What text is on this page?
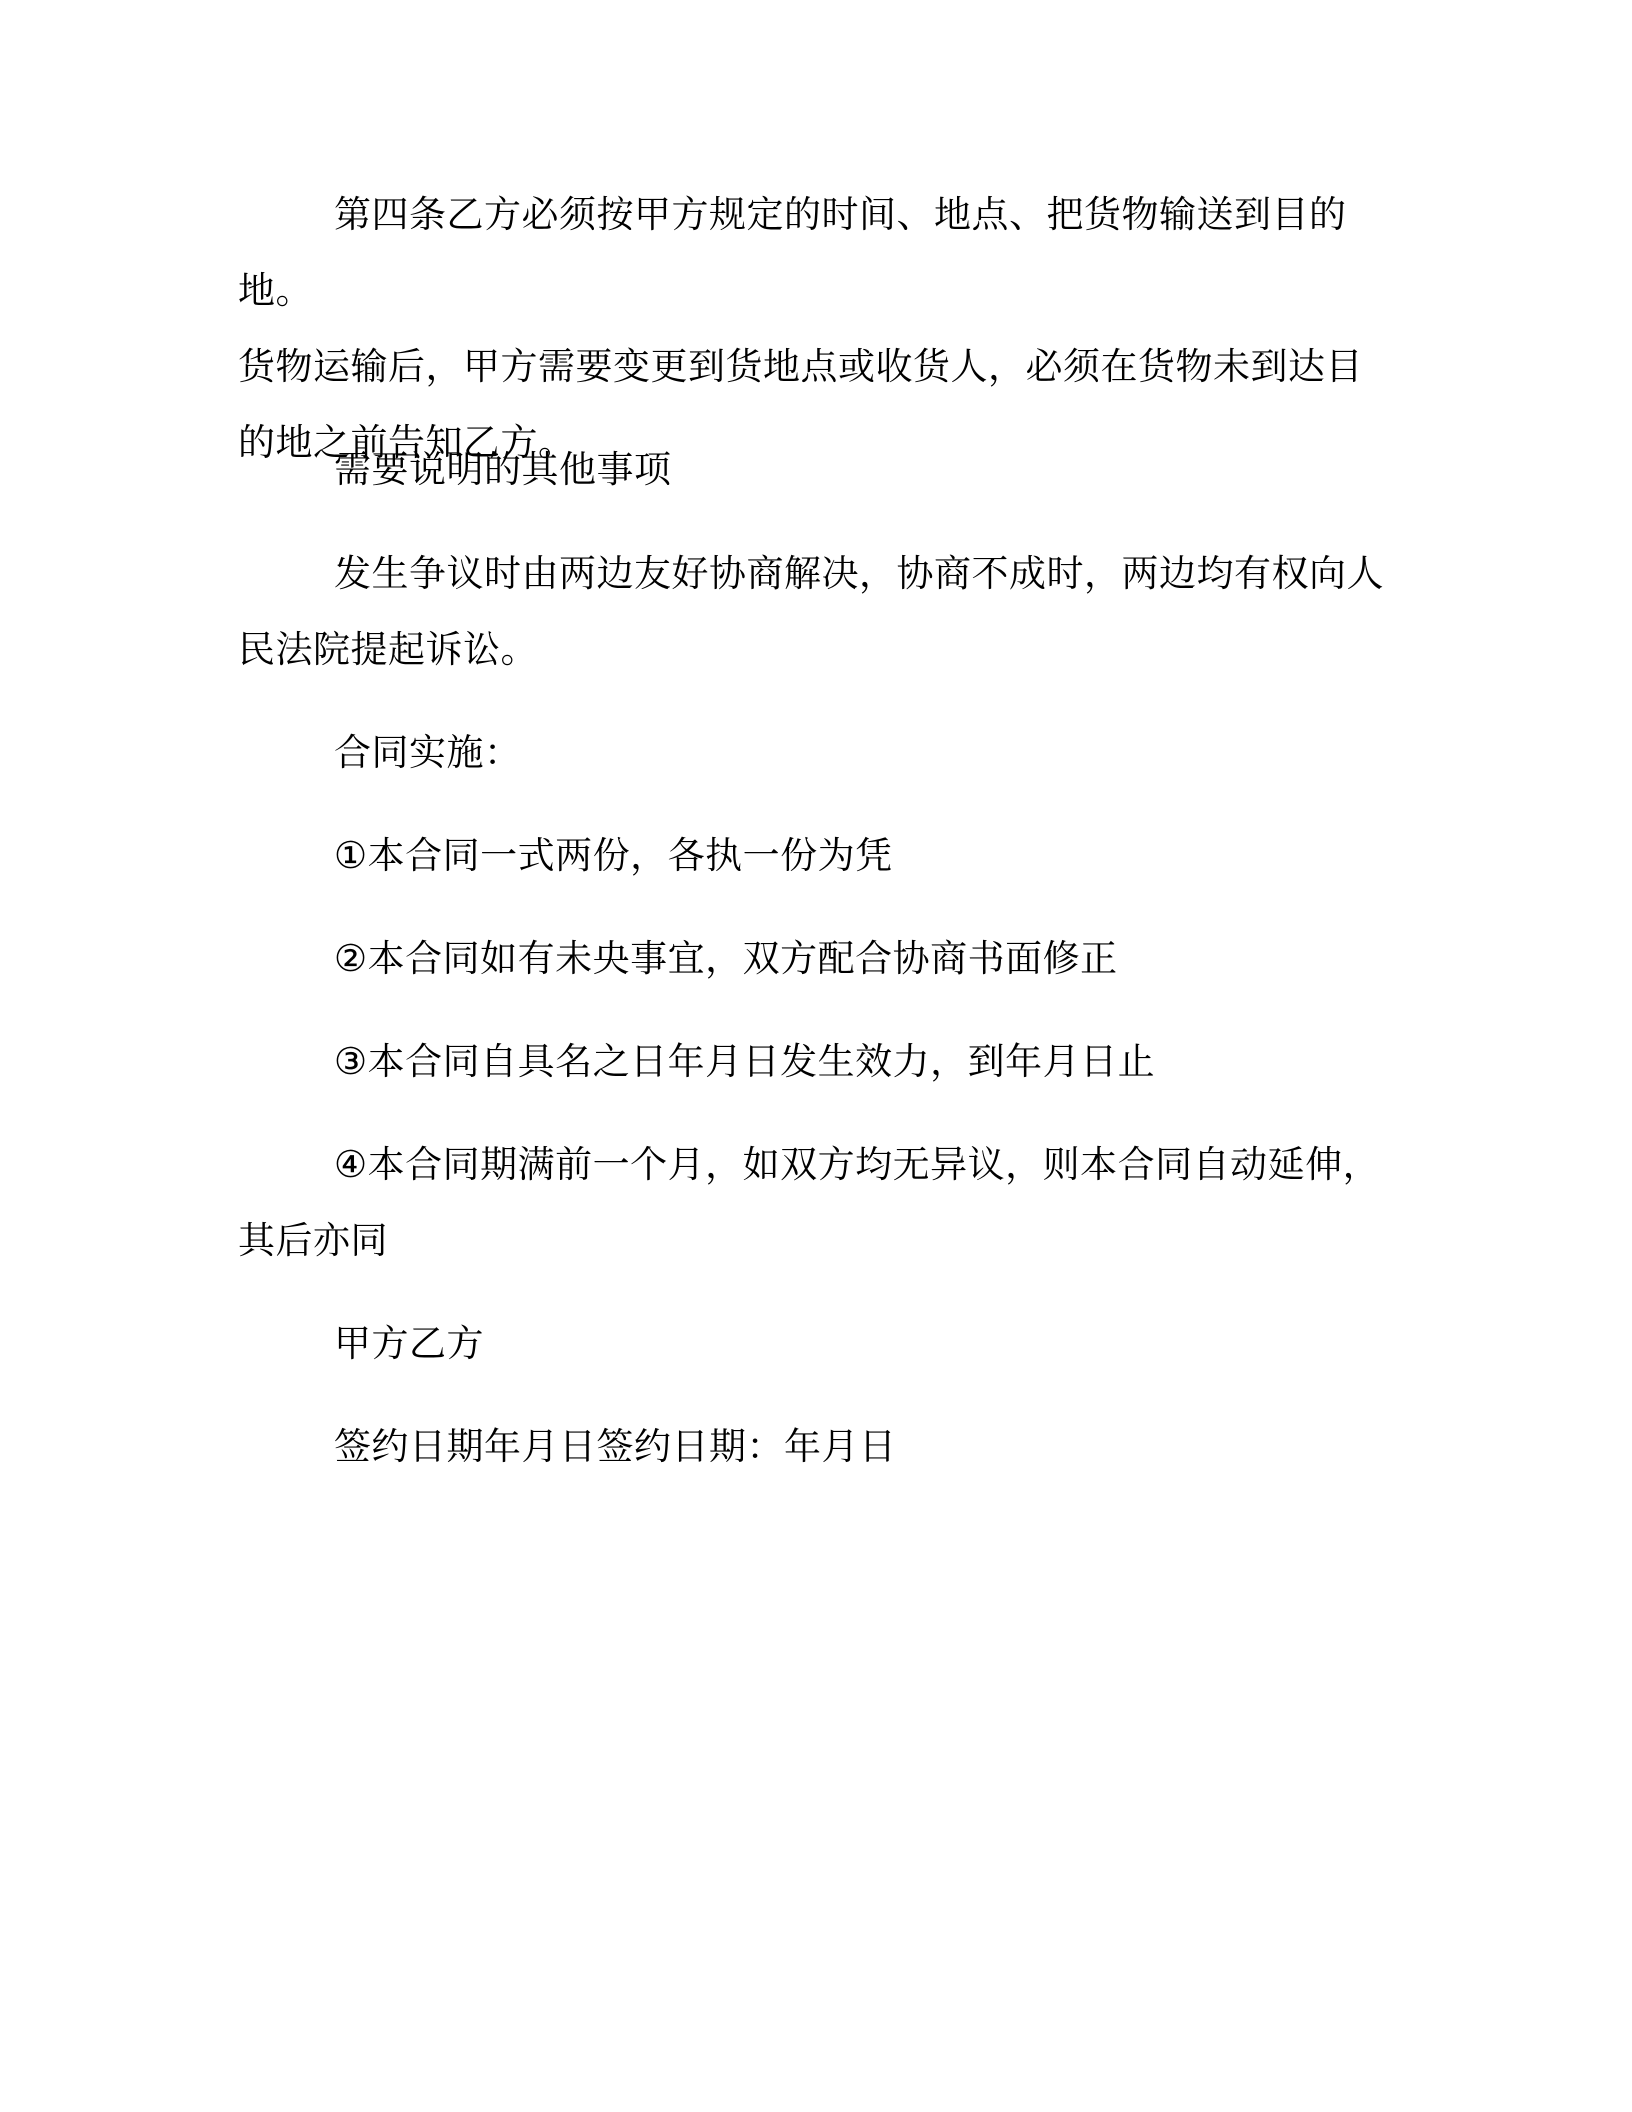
第四条乙方必须按甲方规定的时间、地点、把货物输送到目的地。
货物运输后，甲方需要变更到货地点或收货人，必须在货物未到达目
的地之前告知乙方。

需要说明的其他事项

发生争议时由两边友好协商解决，协商不成时，两边均有权向人
民法院提起诉讼。

合同实施：

①本合同一式两份，各执一份为凭

②本合同如有未央事宜，双方配合协商书面修正

③本合同自具名之日年月日发生效力，到年月日止

④本合同期满前一个月，如双方均无异议，则本合同自动延伸，
其后亦同

甲方乙方

签约日期年月日签约日期：年月日
